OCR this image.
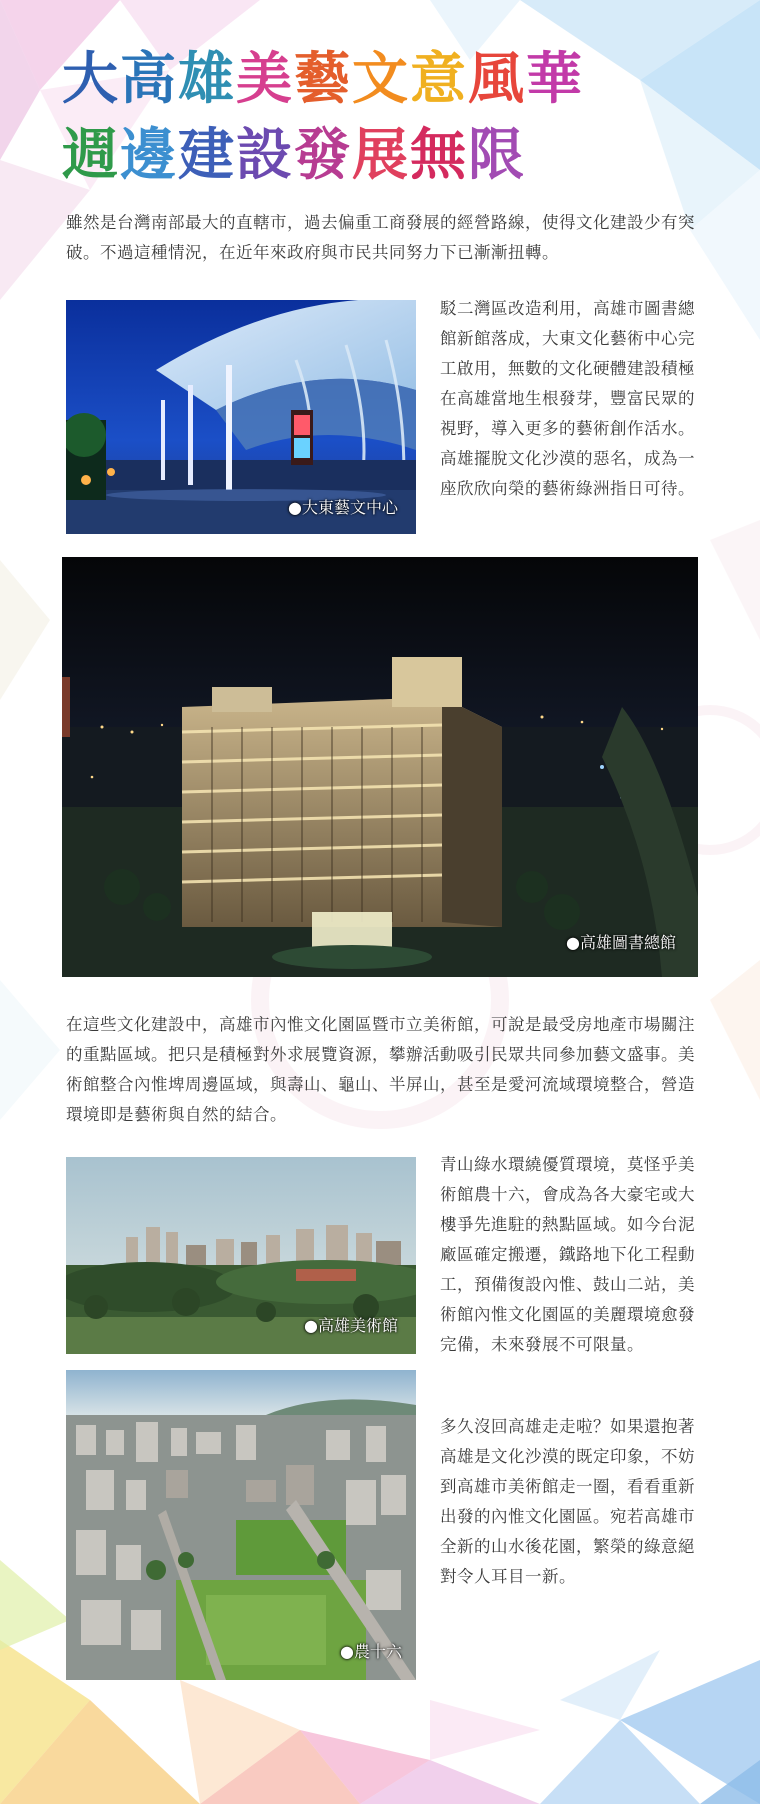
大高雄美藝文意風華
週邊建設發展無限

雖然是台灣南部最大的直轄市，過去偏重工商發展的經營路線，使得文化建設少有突破。不過這種情況，在近年來政府與市民共同努力下已漸漸扭轉。

●大東藝文中心

駁二灣區改造利用，高雄市圖書總館新館落成，大東文化藝術中心完工啟用，無數的文化硬體建設積極在高雄當地生根發芽，豐富民眾的視野，導入更多的藝術創作活水。高雄擺脫文化沙漠的惡名，成為一座欣欣向榮的藝術綠洲指日可待。

●高雄圖書總館

在這些文化建設中，高雄市內惟文化園區暨市立美術館，可說是最受房地產市場關注的重點區域。把只是積極對外求展覽資源，攀辦活動吸引民眾共同參加藝文盛事。美術館整合內惟埤周邊區域，與壽山、龜山、半屏山，甚至是愛河流域環境整合，營造環境即是藝術與自然的結合。

●高雄美術館

青山綠水環繞優質環境，莫怪乎美術館農十六，會成為各大豪宅或大樓爭先進駐的熱點區域。如今台泥廠區確定搬遷，鐵路地下化工程動工，預備復設內惟、鼓山二站，美術館內惟文化園區的美麗環境愈發完備，未來發展不可限量。

●農十六

多久沒回高雄走走啦？如果還抱著高雄是文化沙漠的既定印象，不妨到高雄市美術館走一圈，看看重新出發的內惟文化園區。宛若高雄市全新的山水後花園，繁榮的綠意絕對令人耳目一新。
